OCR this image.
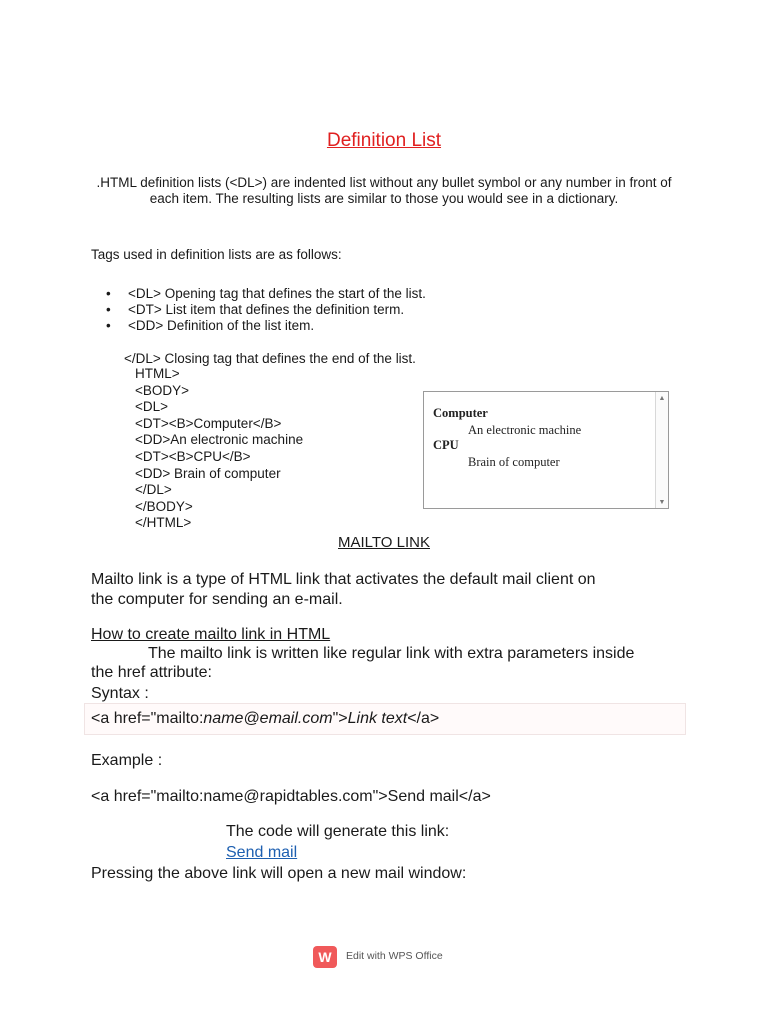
Definition List
.HTML definition lists (<DL>) are indented list without any bullet symbol or any number in front of each item. The resulting lists are similar to those you would see in a dictionary.
Tags used in definition lists are as follows:
• <DL> Opening tag that defines the start of the list.
• <DT> List item that defines the definition term.
• <DD> Definition of the list item.
</DL> Closing tag that defines the end of the list.
HTML>
<BODY>
<DL>
<DT><B>Computer</B>
<DD>An electronic machine
<DT><B>CPU</B>
<DD> Brain of computer
</DL>
</BODY>
</HTML>
Computer
An electronic machine
CPU
Brain of computer
▲
▼
MAILTO LINK
Mailto link is a type of HTML link that activates the default mail client on
the computer for sending an e-mail.
How to create mailto link in HTML
The mailto link is written like regular link with extra parameters inside
the href attribute:
Syntax :
<a href="mailto:name@email.com">Link text</a>
Example :
<a href="mailto:name@rapidtables.com">Send mail</a>
The code will generate this link:
Send mail
Pressing the above link will open a new mail window:
W	Edit with WPS Office
